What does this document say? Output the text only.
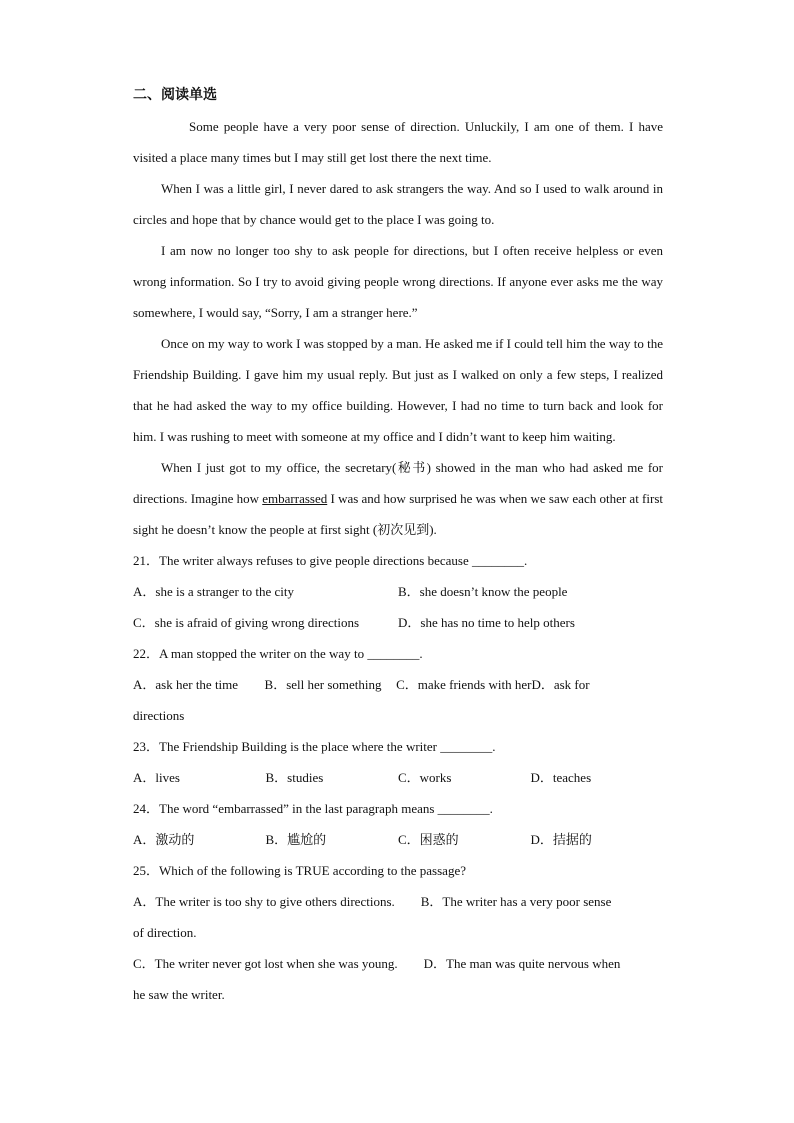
二、阅读单选

Some people have a very poor sense of direction. Unluckily, I am one of them. I have visited a place many times but I may still get lost there the next time.

When I was a little girl, I never dared to ask strangers the way. And so I used to walk around in circles and hope that by chance would get to the place I was going to.

I am now no longer too shy to ask people for directions, but I often receive helpless or even wrong information. So I try to avoid giving people wrong directions. If anyone ever asks me the way somewhere, I would say, “Sorry, I am a stranger here.”

Once on my way to work I was stopped by a man. He asked me if I could tell him the way to the Friendship Building. I gave him my usual reply. But just as I walked on only a few steps, I realized that he had asked the way to my office building. However, I had no time to turn back and look for him. I was rushing to meet with someone at my office and I didn’t want to keep him waiting.

When I just got to my office, the secretary(秘书) showed in the man who had asked me for directions. Imagine how embarrassed I was and how surprised he was when we saw each other at first sight he doesn’t know the people at first sight (初次见到).

21．The writer always refuses to give people directions because ________.

A．she is a stranger to the city	B．she doesn’t know the people
C．she is afraid of giving wrong directions	D．she has no time to help others

22．A man stopped the writer on the way to ________.

A．ask her the time	B．sell her something	C．make friends with her D．ask for

directions

23．The Friendship Building is the place where the writer ________.

A．lives	B．studies	C．works	D．teaches

24．The word “embarrassed” in the last paragraph means ________.

A．激动的	B．尴尬的	C．困惑的	D．拮据的

25．Which of the following is TRUE according to the passage?

A．The writer is too shy to give others directions.　　B．The writer has a very poor sense

of direction.

C．The writer never got lost when she was young.　　D．The man was quite nervous when

he saw the writer.
